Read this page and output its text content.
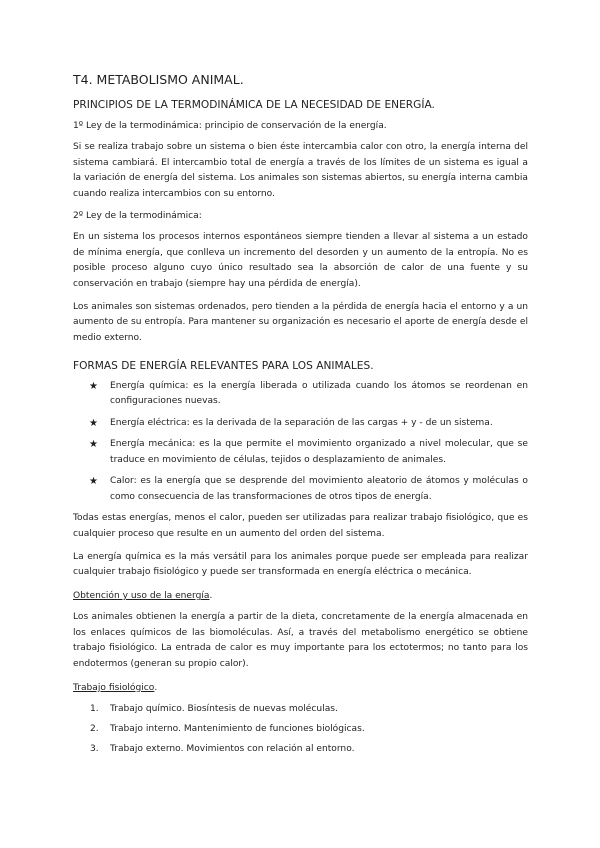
T4. METABOLISMO ANIMAL.
PRINCIPIOS DE LA TERMODINÁMICA DE LA NECESIDAD DE ENERGÍA.
1º Ley de la termodinámica: principio de conservación de la energía.

Si se realiza trabajo sobre un sistema o bien éste intercambia calor con otro, la energía interna del sistema cambiará. El intercambio total de energía a través de los límites de un sistema es igual a la variación de energía del sistema. Los animales son sistemas abiertos, su energía interna cambia cuando realiza intercambios con su entorno.

2º Ley de la termodinámica:

En un sistema los procesos internos espontáneos siempre tienden a llevar al sistema a un estado de mínima energía, que conlleva un incremento del desorden y un aumento de la entropía. No es posible proceso alguno cuyo único resultado sea la absorción de calor de una fuente y su conservación en trabajo (siempre hay una pérdida de energía).

Los animales son sistemas ordenados, pero tienden a la pérdida de energía hacia el entorno y a un aumento de su entropía. Para mantener su organización es necesario el aporte de energía desde el medio externo.

FORMAS DE ENERGÍA RELEVANTES PARA LOS ANIMALES.
★ Energía química: es la energía liberada o utilizada cuando los átomos se reordenan en configuraciones nuevas.
★ Energía eléctrica: es la derivada de la separación de las cargas + y - de un sistema.
★ Energía mecánica: es la que permite el movimiento organizado a nivel molecular, que se traduce en movimiento de células, tejidos o desplazamiento de animales.
★ Calor: es la energía que se desprende del movimiento aleatorio de átomos y moléculas o como consecuencia de las transformaciones de otros tipos de energía.

Todas estas energías, menos el calor, pueden ser utilizadas para realizar trabajo fisiológico, que es cualquier proceso que resulte en un aumento del orden del sistema.

La energía química es la más versátil para los animales porque puede ser empleada para realizar cualquier trabajo fisiológico y puede ser transformada en energía eléctrica o mecánica.

Obtención y uso de la energía.

Los animales obtienen la energía a partir de la dieta, concretamente de la energía almacenada en los enlaces químicos de las biomoléculas. Así, a través del metabolismo energético se obtiene trabajo fisiológico. La entrada de calor es muy importante para los ectotermos; no tanto para los endotermos (generan su propio calor).

Trabajo fisiológico.
1. Trabajo químico. Biosíntesis de nuevas moléculas.
2. Trabajo interno. Mantenimiento de funciones biológicas.
3. Trabajo externo. Movimientos con relación al entorno.
